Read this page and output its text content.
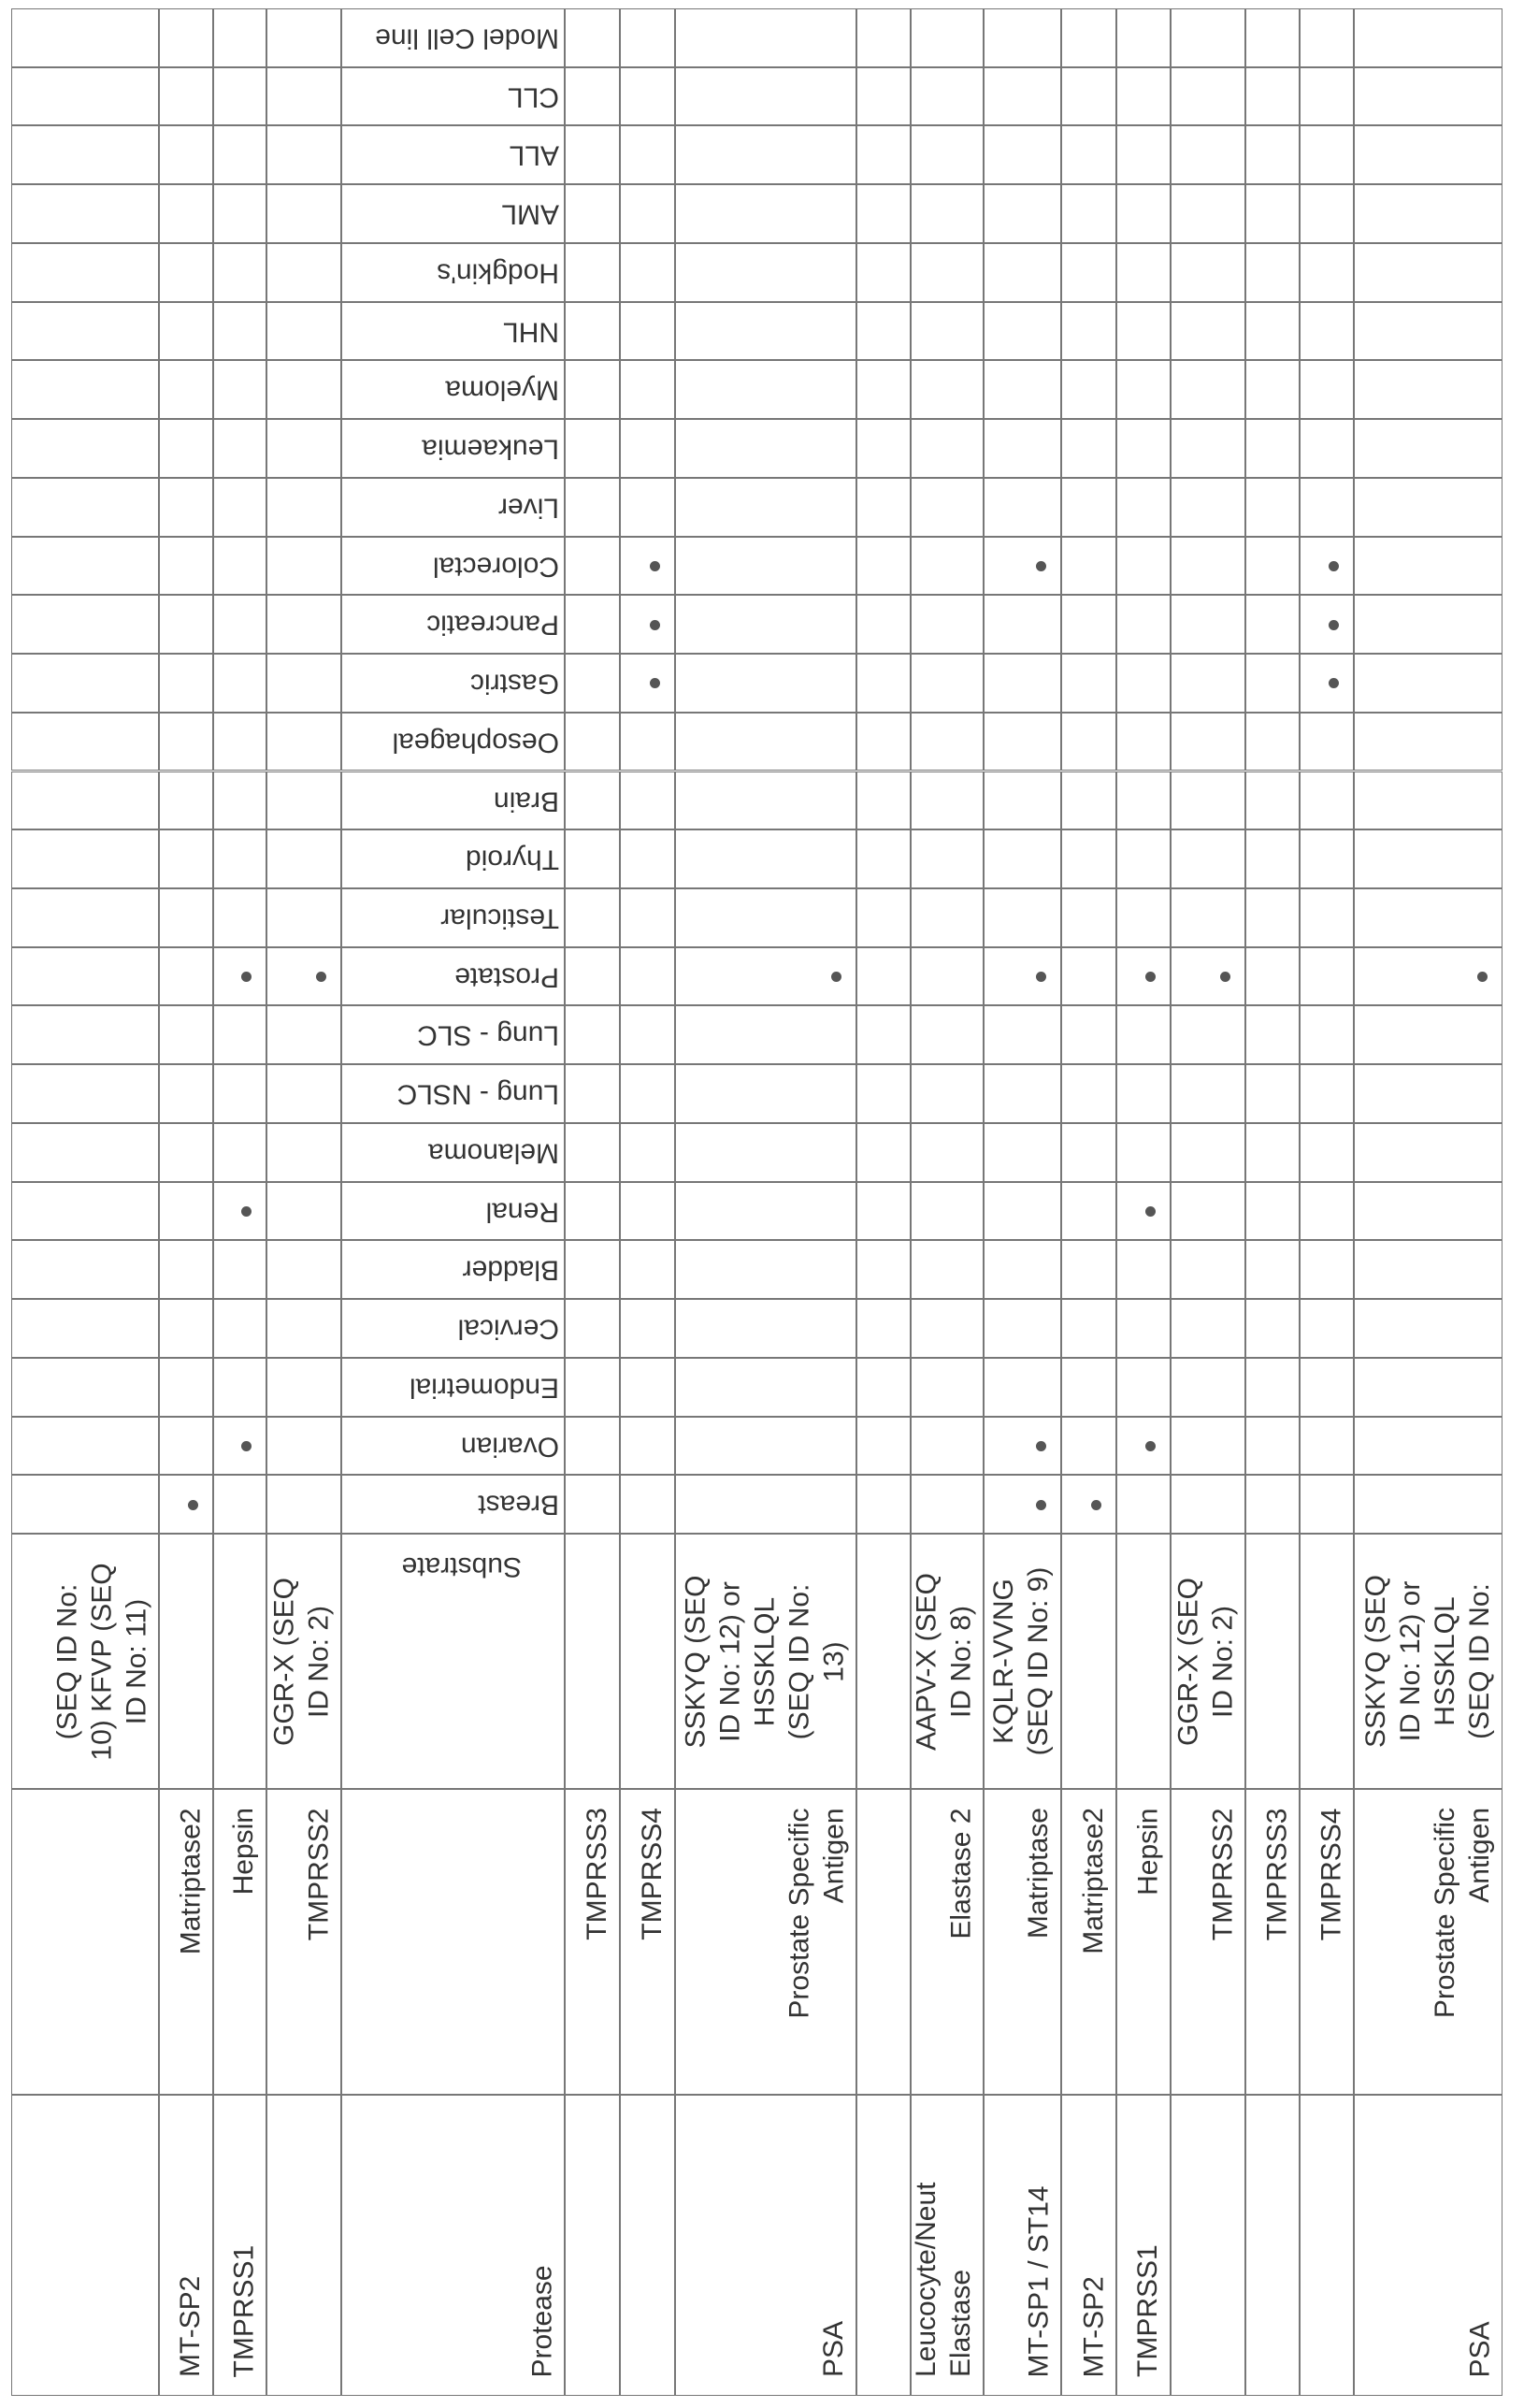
(SEQ ID No: 10) KFVP (SEQ ID No: 11)
Matriptase2
MT-SP2
Hepsin
TMPRSS1
GGR-X (SEQ ID No: 2)
TMPRSS2
Model Cell line
CLL
ALL
AML
Hodgkin's
NHL
Myeloma
Leukaemia
Liver
Colorectal
Pancreatic
Gastric
Oesophageal
Brain
Thyroid
Testicular
Prostate
Lung - SLC
Lung - NSLC
Melanoma
Renal
Bladder
Cervical
Endometrial
Ovarian
Breast
Substrate
Protease
TMPRSS3 TMPRSS4
SSKYQ (SEQ ID No: 12) or HSSKLQL (SEQ ID No: 13)
Prostate Specific Antigen
PSA
AAPV-X (SEQ ID No: 8)
Elastase 2
Leucocyte/Neut Elastase
KQLR-VVNG (SEQ ID No: 9)
Matriptase
MT-SP1 / ST14
Matriptase2
MT-SP2
Hepsin
TMPRSS1
GGR-X (SEQ ID No: 2)
TMPRSS2 TMPRSS3 TMPRSS4
SSKYQ (SEQ ID No: 12) or HSSKLQL (SEQ ID No:
Prostate Specific Antigen
PSA
